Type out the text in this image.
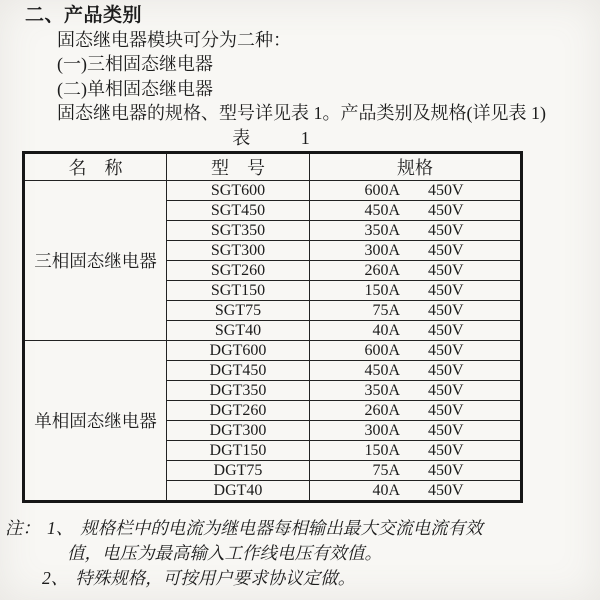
二、产品类别

固态继电器模块可分为二种：

(一)三相固态继电器

(二)单相固态继电器

固态继电器的规格、型号详见表 1。产品类别及规格(详见表 1)

表	1
名　称	型　号	规格
三相固态继电器	SGT600	600A 450V

	SGT450	450A 450V

	SGT350	350A 450V

	SGT300	300A 450V

	SGT260	260A 450V

	SGT150	150A 450V

	SGT75	75A 450V

	SGT40	40A 450V

单相固态继电器	DGT600	600A 450V

	DGT450	450A 450V

	DGT350	350A 450V

	DGT260	260A 450V

	DGT300	300A 450V

	DGT150	150A 450V

	DGT75	75A 450V

	DGT40	40A 450V

注： 1、 规格栏中的电流为继电器每相输出最大交流电流有效

值，电压为最高输入工作线电压有效值。

2、 特殊规格，可按用户要求协议定做。
